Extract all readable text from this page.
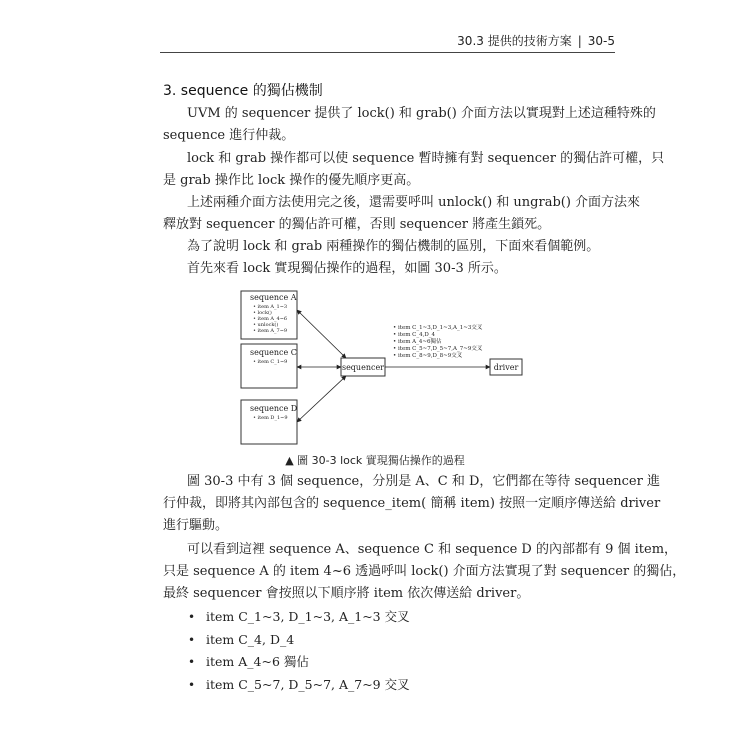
30.3 提供的技術方案 | 30-5
3. sequence 的獨佔機制
UVM 的 sequencer 提供了 lock() 和 grab() 介面方法以實現對上述這種特殊的
sequence 進行仲裁。
lock 和 grab 操作都可以使 sequence 暫時擁有對 sequencer 的獨佔許可權，只
是 grab 操作比 lock 操作的優先順序更高。
上述兩種介面方法使用完之後，還需要呼叫 unlock() 和 ungrab() 介面方法來
釋放對 sequencer 的獨佔許可權，否則 sequencer 將產生鎖死。
為了說明 lock 和 grab 兩種操作的獨佔機制的區別，下面來看個範例。
首先來看 lock 實現獨佔操作的過程，如圖 30-3 所示。
sequence A
• item A_1~3
• lock()
• item A_4~6
• unlock()
• item A_7~9
sequence C
• item C_1~9
sequence D
• item D_1~9
sequencer	driver
• item C_1~3,D_1~3,A_1~3交叉
• item C_4,D_4
• item A_4~6獨佔
• item C_5~7,D_5~7,A_7~9交叉
• item C_8~9,D_8~9交叉
▲ 圖 30-3 lock 實現獨佔操作的過程
圖 30-3 中有 3 個 sequence，分別是 A、C 和 D，它們都在等待 sequencer 進
行仲裁，即將其內部包含的 sequence_item( 簡稱 item) 按照一定順序傳送給 driver
進行驅動。
可以看到這裡 sequence A、sequence C 和 sequence D 的內部都有 9 個 item，
只是 sequence A 的 item 4~6 透過呼叫 lock() 介面方法實現了對 sequencer 的獨佔，
最終 sequencer 會按照以下順序將 item 依次傳送給 driver。
• item C_1~3, D_1~3, A_1~3 交叉
• item C_4, D_4
• item A_4~6 獨佔
• item C_5~7, D_5~7, A_7~9 交叉
